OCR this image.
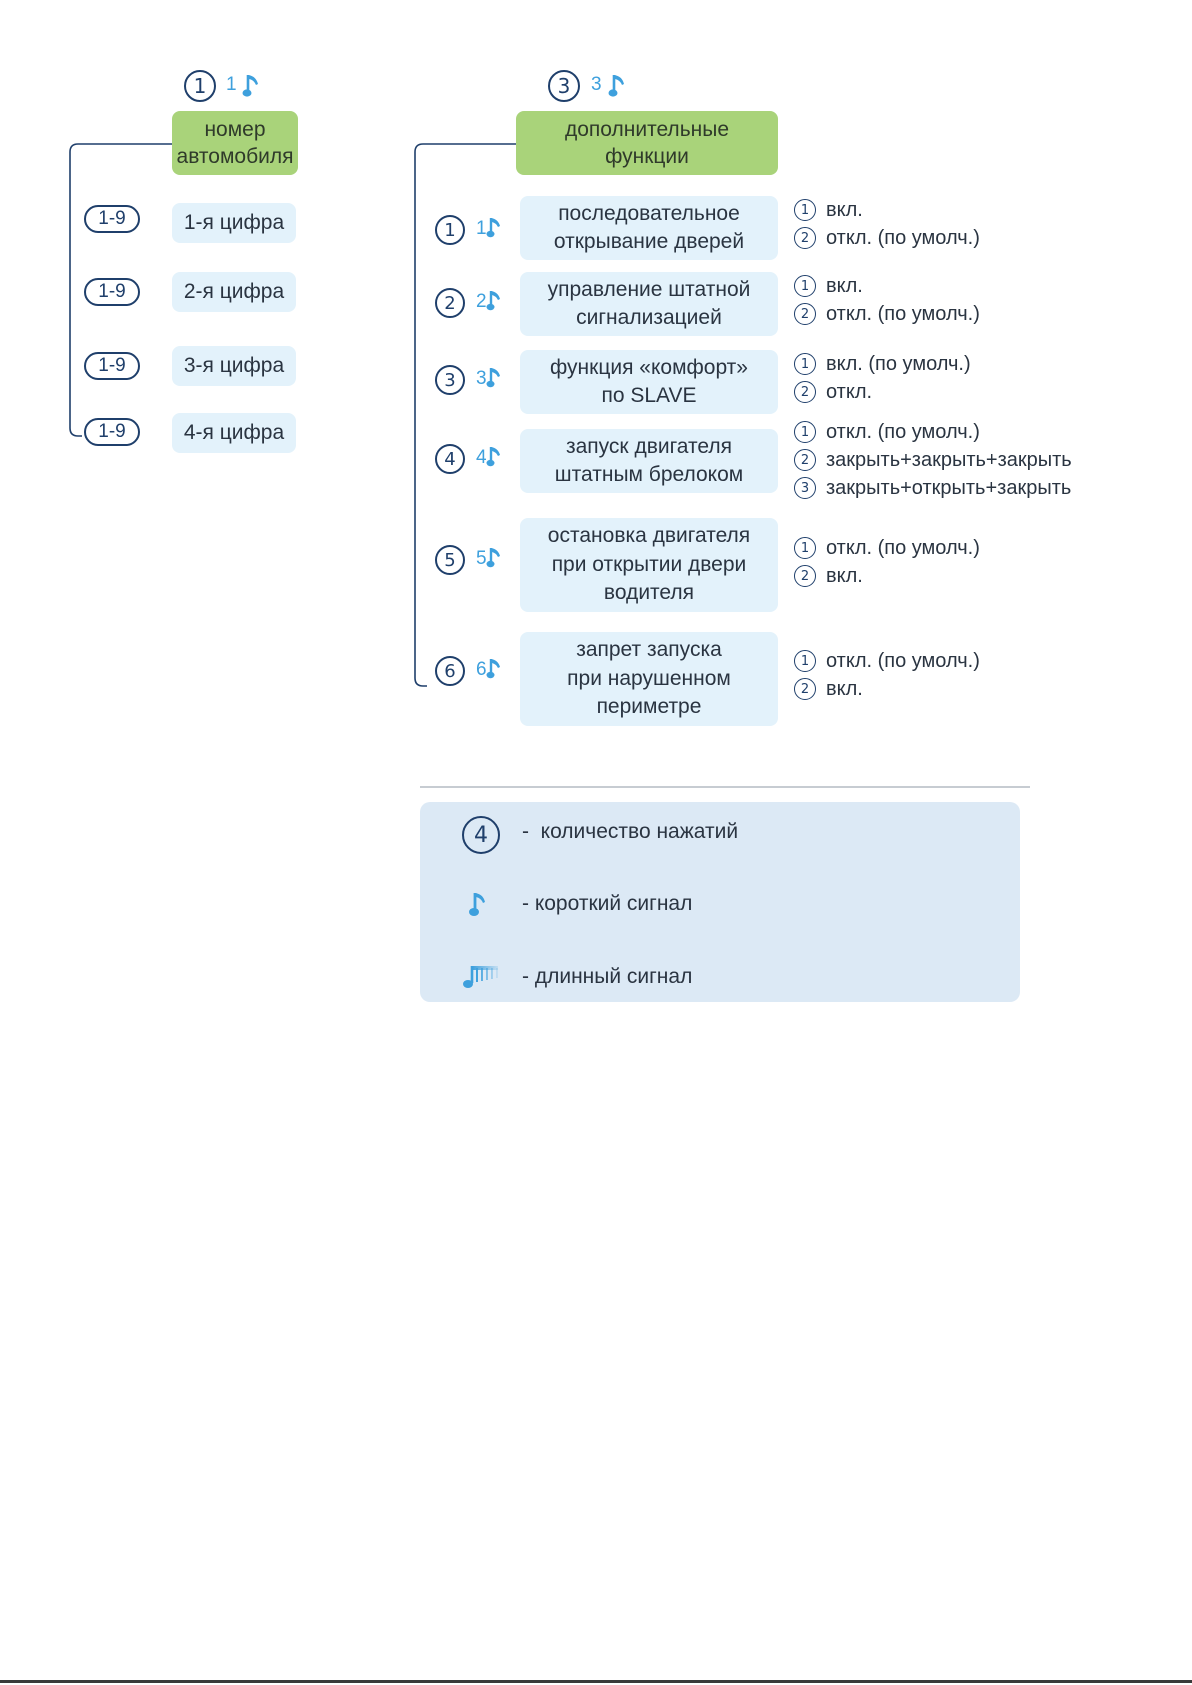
1 1
номер
автомобиля
1-9	1-я цифра
1-9	2-я цифра
1-9	3-я цифра
1-9	4-я цифра
3 3
дополнительные
функции
1 1
последовательное
открывание дверей
1 вкл.
2 откл. (по умолч.)
2 2
управление штатной
сигнализацией
1 вкл.
2 откл. (по умолч.)
3 3	функция «комфорт»
по SLAVE
1 вкл. (по умолч.)
2 откл.
4 4	запуск двигателя
штатным брелоком
1 откл. (по умолч.)
2 закрыть+закрыть+закрыть
3 закрыть+открыть+закрыть
5 5
остановка двигателя
при открытии двери
водителя
1 откл. (по умолч.)
2 вкл.
6 6
запрет запуска
при нарушенном
периметре
1 откл. (по умолч.)
2 вкл.
4 -  количество нажатий
- короткий сигнал
- длинный сигнал
